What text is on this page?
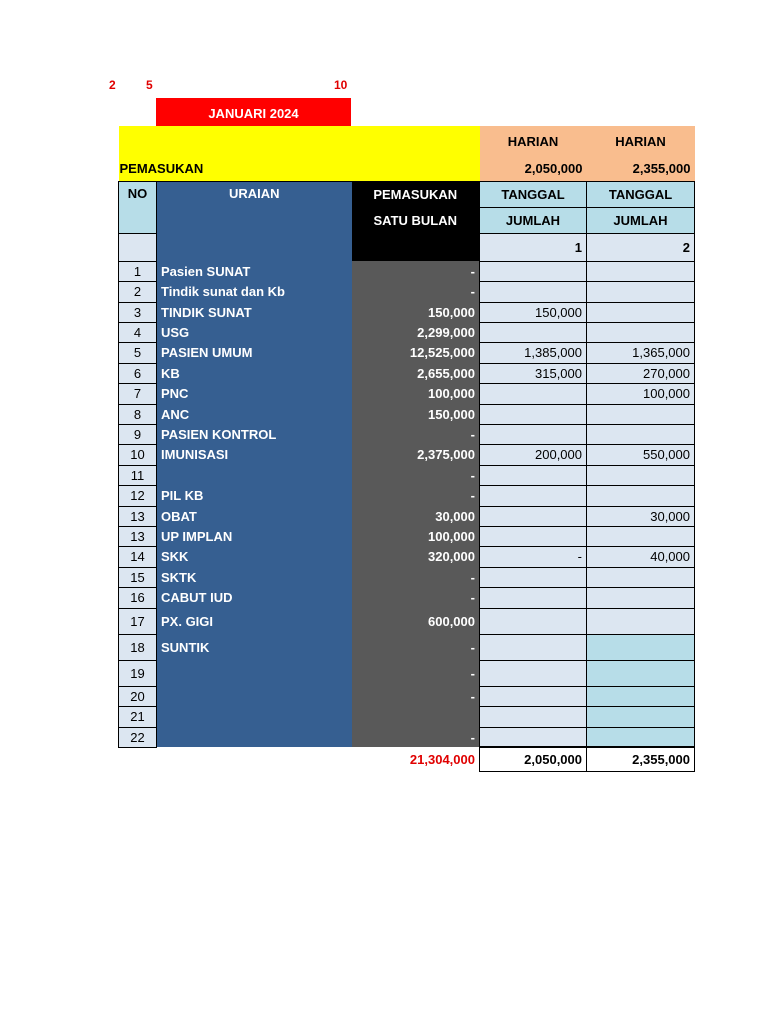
2	5	10
JANUARI 2024
			HARIAN	HARIAN
PEMASUKAN			2,050,000	2,355,000
NO	URAIAN	PEMASUKAN	TANGGAL	TANGGAL
		SATU BULAN	JUMLAH	JUMLAH
			1	2
1	Pasien SUNAT	-		
2	Tindik sunat dan Kb	-		
3	TINDIK SUNAT	150,000	150,000	
4	USG	2,299,000		
5	PASIEN UMUM	12,525,000	1,385,000	1,365,000
6	KB	2,655,000	315,000	270,000
7	PNC	100,000		100,000
8	ANC	150,000		
9	PASIEN KONTROL	-		
10	IMUNISASI	2,375,000	200,000	550,000
11		-		
12	PIL KB	-		
13	OBAT	30,000		30,000
13	UP IMPLAN	100,000		
14	SKK	320,000	-	40,000
15	SKTK	-		
16	CABUT IUD	-		
17	PX. GIGI	600,000		
18	SUNTIK	-		
19		-		
20		-		
21				
22		-		
		21,304,000	2,050,000	2,355,000
